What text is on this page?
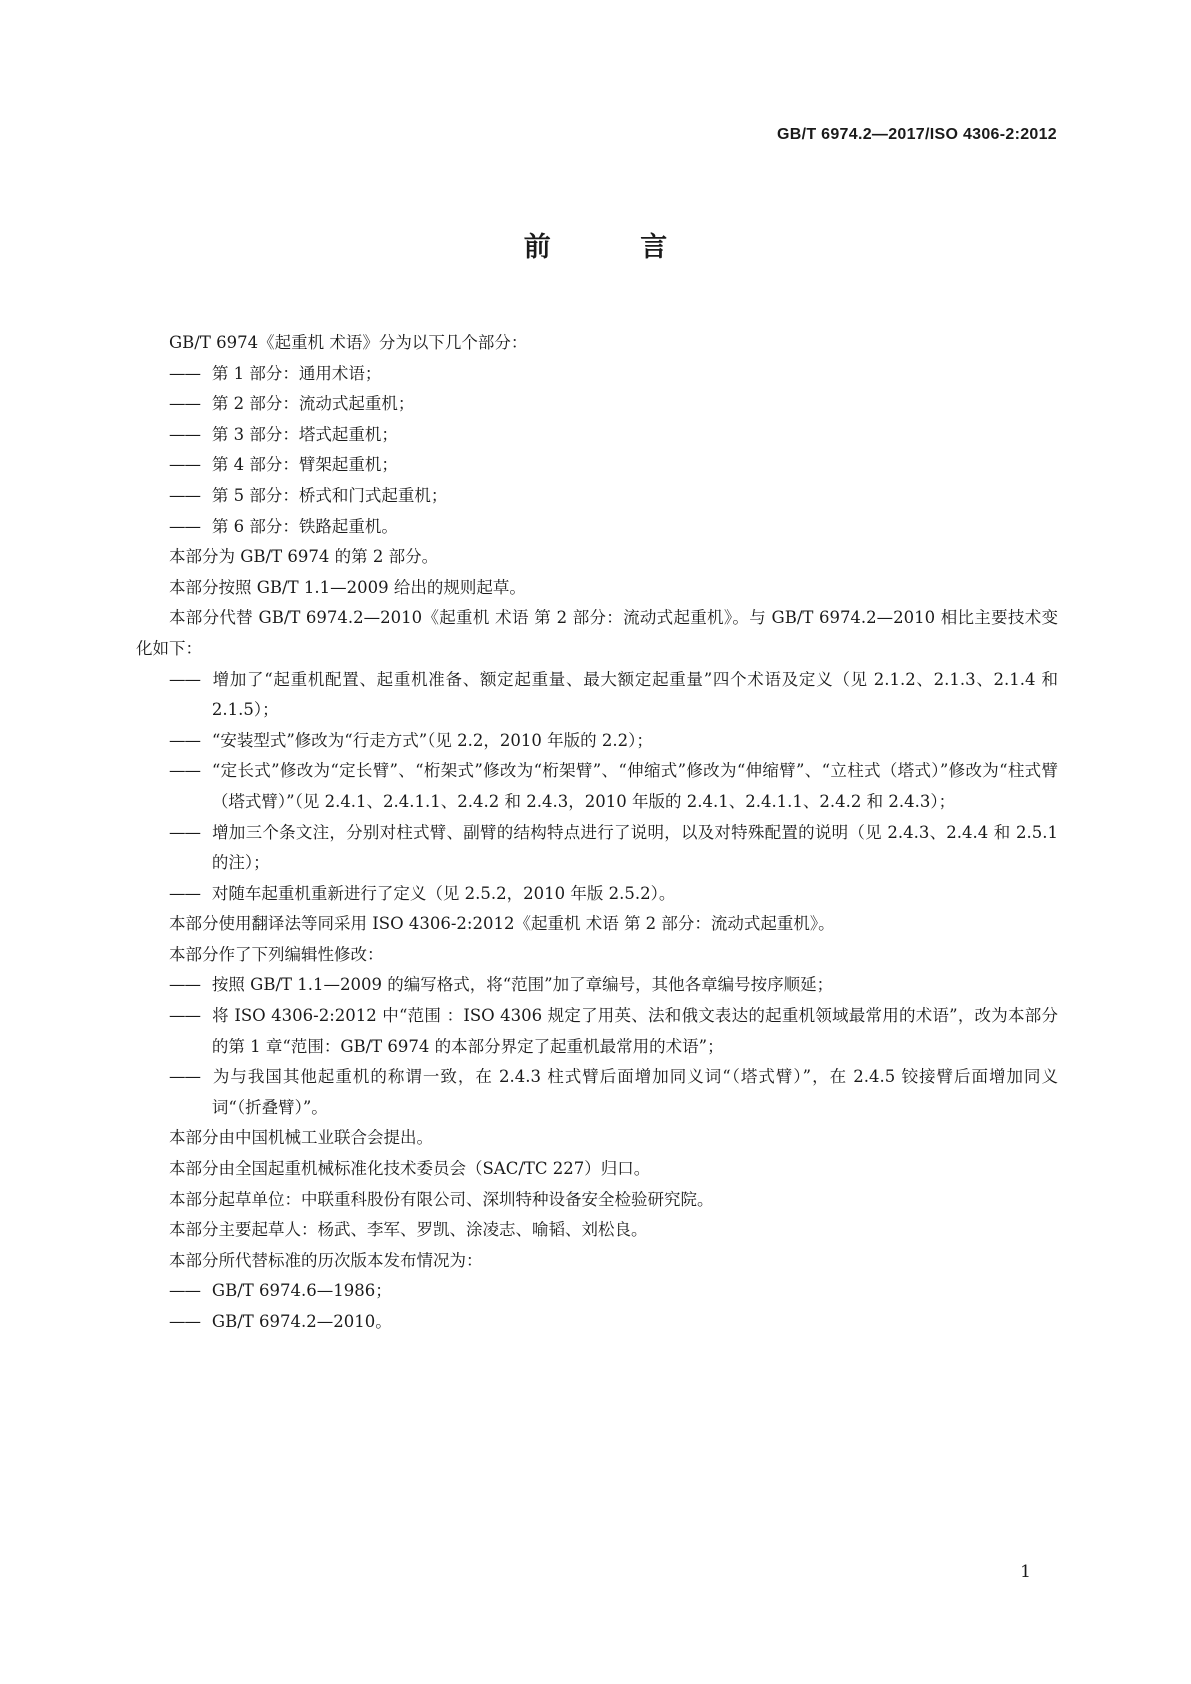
GB/T 6974.2—2017/ISO 4306-2:2012
前 言
GB/T 6974《起重机 术语》分为以下几个部分：
—— 第 1 部分：通用术语；
—— 第 2 部分：流动式起重机；
—— 第 3 部分：塔式起重机；
—— 第 4 部分：臂架起重机；
—— 第 5 部分：桥式和门式起重机；
—— 第 6 部分：铁路起重机。
本部分为 GB/T 6974 的第 2 部分。
本部分按照 GB/T 1.1—2009 给出的规则起草。
本部分代替 GB/T 6974.2—2010《起重机 术语 第 2 部分：流动式起重机》。与 GB/T 6974.2—2010 相比主要技术变化如下：
—— 增加了“起重机配置、起重机准备、额定起重量、最大额定起重量”四个术语及定义（见 2.1.2、2.1.3、2.1.4 和 2.1.5）；
—— “安装型式”修改为“行走方式”（见 2.2，2010 年版的 2.2）；
—— “定长式”修改为“定长臂”、“桁架式”修改为“桁架臂”、“伸缩式”修改为“伸缩臂”、“立柱式（塔式）”修改为“柱式臂（塔式臂）”（见 2.4.1、2.4.1.1、2.4.2 和 2.4.3，2010 年版的 2.4.1、2.4.1.1、2.4.2 和 2.4.3）；
—— 增加三个条文注，分别对柱式臂、副臂的结构特点进行了说明，以及对特殊配置的说明（见 2.4.3、2.4.4 和 2.5.1 的注）；
—— 对随车起重机重新进行了定义（见 2.5.2，2010 年版 2.5.2）。
本部分使用翻译法等同采用 ISO 4306-2:2012《起重机 术语 第 2 部分：流动式起重机》。
本部分作了下列编辑性修改：
—— 按照 GB/T 1.1—2009 的编写格式，将“范围”加了章编号，其他各章编号按序顺延；
—— 将 ISO 4306-2:2012 中“范围 ：ISO 4306 规定了用英、法和俄文表达的起重机领域最常用的术语”，改为本部分的第 1 章“范围：GB/T 6974 的本部分界定了起重机最常用的术语”；
—— 为与我国其他起重机的称谓一致，在 2.4.3 柱式臂后面增加同义词“（塔式臂）”，在 2.4.5 铰接臂后面增加同义词“（折叠臂）”。
本部分由中国机械工业联合会提出。
本部分由全国起重机械标准化技术委员会（SAC/TC 227）归口。
本部分起草单位：中联重科股份有限公司、深圳特种设备安全检验研究院。
本部分主要起草人：杨武、李军、罗凯、涂凌志、喻韬、刘松良。
本部分所代替标准的历次版本发布情况为：
—— GB/T 6974.6—1986；
—— GB/T 6974.2—2010。
1
